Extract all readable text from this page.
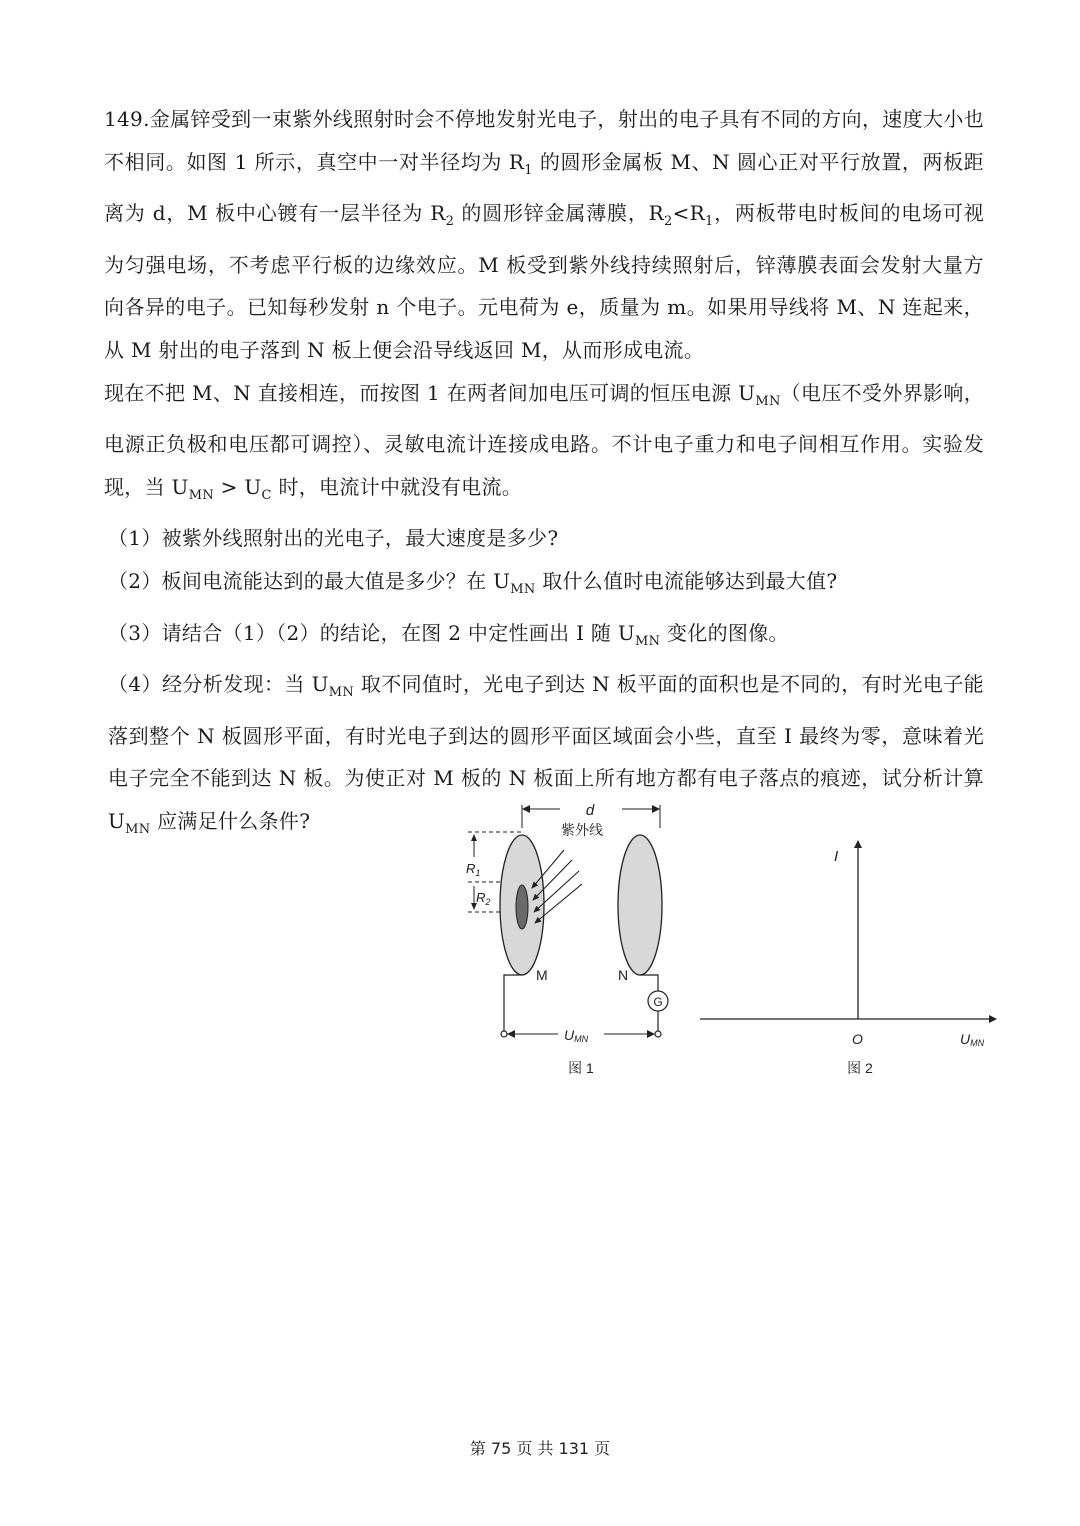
149.金属锌受到一束紫外线照射时会不停地发射光电子，射出的电子具有不同的方向，速度大小也不相同。如图 1 所示，真空中一对半径均为 $R_1$ 的圆形金属板 M、N 圆心正对平行放置，两板距离为 d，M 板中心镀有一层半径为 $R_2$ 的圆形锌金属薄膜，$R_2<R_1$，两板带电时板间的电场可视为匀强电场，不考虑平行板的边缘效应。M 板受到紫外线持续照射后，锌薄膜表面会发射大量方向各异的电子。已知每秒发射 n 个电子。元电荷为 e，质量为 m。如果用导线将 M、N 连起来，从 M 射出的电子落到 N 板上便会沿导线返回 M，从而形成电流。

现在不把 M、N 直接相连，而按图 1 在两者间加电压可调的恒压电源 $U_{MN}$（电压不受外界影响，电源正负极和电压都可调控）、灵敏电流计连接成电路。不计电子重力和电子间相互作用。实验发现，当 $U_{MN} > U_C$ 时，电流计中就没有电流。

（1）被紫外线照射出的光电子，最大速度是多少?

（2）板间电流能达到的最大值是多少？在 $U_{MN}$ 取什么值时电流能够达到最大值?

（3）请结合（1）（2）的结论，在图 2 中定性画出 I 随 $U_{MN}$ 变化的图像。

（4）经分析发现：当 $U_{MN}$ 取不同值时，光电子到达 N 板平面的面积也是不同的，有时光电子能落到整个 N 板圆形平面，有时光电子到达的圆形平面区域面会小些，直至 I 最终为零，意味着光电子完全不能到达 N 板。为使正对 M 板的 N 板面上所有地方都有电子落点的痕迹，试分析计算 $U_{MN}$ 应满足什么条件?	d
紫外线
$R_1$
$R_2$
M	N
G
UMN
图 1
I
O	UMN
图 2
第 75 页 共 131 页
